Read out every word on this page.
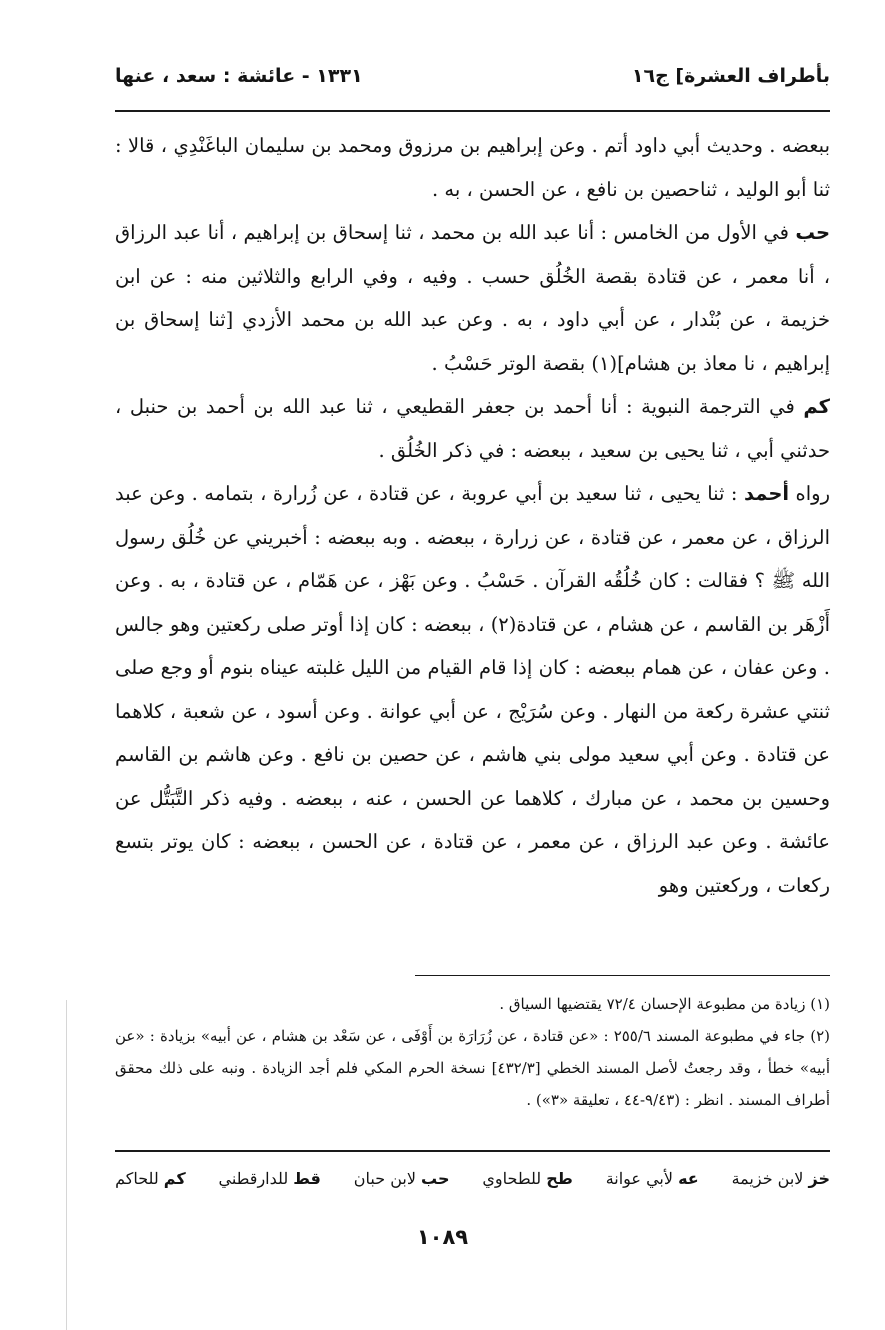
بأطراف العشرة] ج١٦
١٣٣١ - عائشة : سعد ، عنها

ببعضه . وحديث أبي داود أتم . وعن إبراهيم بن مرزوق ومحمد بن سليمان الباغَنْدِي ، قالا : ثنا أبو الوليد ، ثناحصين بن نافع ، عن الحسن ، به .

حب في الأول من الخامس : أنا عبد الله بن محمد ، ثنا إسحاق بن إبراهيم ، أنا عبد الرزاق ، أنا معمر ، عن قتادة بقصة الخُلُق حسب . وفيه ، وفي الرابع والثلاثين منه : عن ابن خزيمة ، عن بُنْدار ، عن أبي داود ، به . وعن عبد الله بن محمد الأزدي [ثنا إسحاق بن إبراهيم ، نا معاذ بن هشام](١) بقصة الوتر حَسْبُ .

كم في الترجمة النبوية : أنا أحمد بن جعفر القطيعي ، ثنا عبد الله بن أحمد بن حنبل ، حدثني أبي ، ثنا يحيى بن سعيد ، ببعضه : في ذكر الخُلُق .

رواه أحمد : ثنا يحيى ، ثنا سعيد بن أبي عروبة ، عن قتادة ، عن زُرارة ، بتمامه . وعن عبد الرزاق ، عن معمر ، عن قتادة ، عن زرارة ، ببعضه . وبه ببعضه : أخبريني عن خُلُق رسول الله ﷺ ؟ فقالت : كان خُلُقُه القرآن . حَسْبُ . وعن بَهْز ، عن هَمّام ، عن قتادة ، به . وعن أَزْهَر بن القاسم ، عن هشام ، عن قتادة(٢) ، ببعضه : كان إذا أوتر صلى ركعتين وهو جالس . وعن عفان ، عن همام ببعضه : كان إذا قام القيام من الليل غلبته عيناه بنوم أو وجع صلى ثنتي عشرة ركعة من النهار . وعن سُرَيْج ، عن أبي عوانة . وعن أسود ، عن شعبة ، كلاهما عن قتادة . وعن أبي سعيد مولى بني هاشم ، عن حصين بن نافع . وعن هاشم بن القاسم وحسين بن محمد ، عن مبارك ، كلاهما عن الحسن ، عنه ، ببعضه . وفيه ذكر التَّبَتُّل عن عائشة . وعن عبد الرزاق ، عن معمر ، عن قتادة ، عن الحسن ، ببعضه : كان يوتر بتسع ركعات ، وركعتين وهو

(١) زيادة من مطبوعة الإحسان ٧٢/٤ يقتضيها السياق .

(٢) جاء في مطبوعة المسند ٢٥٥/٦ : «عن قتادة ، عن زُرَارَة بن أَوْفَى ، عن سَعْد بن هشام ، عن أبيه» بزيادة : «عن أبيه» خطأ ، وقد رجعتُ لأصل المسند الخطي [٤٣٢/٣] نسخة الحرم المكي فلم أجد الزيادة . ونبه على ذلك محقق أطراف المسند . انظر : (٩/٤٣-٤٤ ، تعليقة «٣») .

خز لابن خزيمة
عه لأبي عوانة
طح للطحاوي
حب لابن حبان
قط للدارقطني
كم للحاكم
١٠٨٩
